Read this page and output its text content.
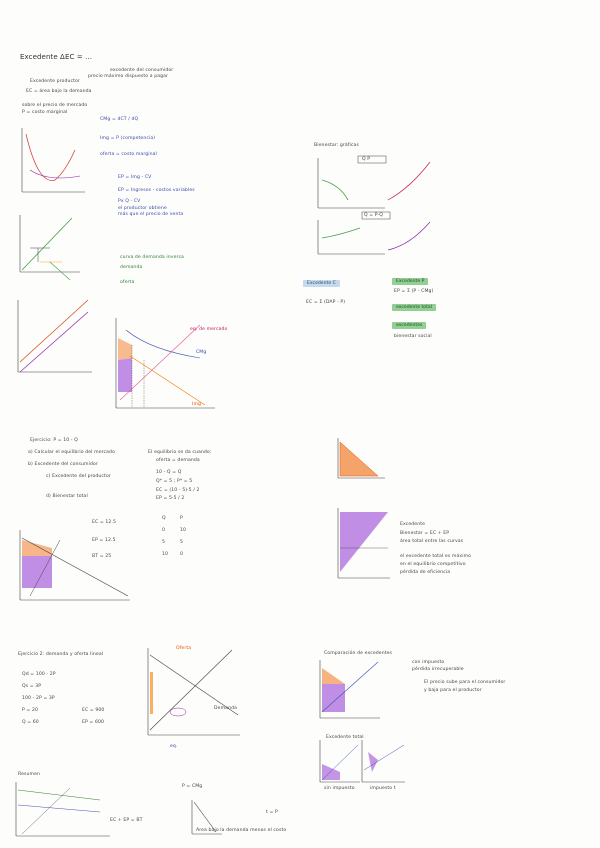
Excedente ΔEC = ...
excedente del consumidor
precio máximo dispuesto a pagar
Excedente productor
EC = área bajo la demanda
sobre el precio de mercado
P = costo marginal
CMg = dCT / dQ
Img = P (competencia)
oferta = costo marginal
EP = Img - CV
EP = Ingresos - costos variables
Px Q - CV
el productor obtiene
más que el precio de venta
curva de demanda inversa
demanda
oferta
eq. de mercado
CMg
Img
Bienestar: gráficas
Q P
Q = P·Q
Excedente C
EC = Σ (DAP - P)
Excedente P
EP = Σ (P - CMg)
excedente total
excedentes
bienestar social
Ejercicio: P = 10 - Q
a) Calcular el equilibrio del mercado
b) Excedente del consumidor
c) Excedente del productor
d) Bienestar total
El equilibrio se da cuando:
oferta = demanda
10 - Q = Q
Q* = 5 ; P* = 5
EC = (10 - 5)·5 / 2
EP = 5·5 / 2
EC = 12.5
EP = 12.5
BT = 25
Q	P
0	10
5	5
10	0
Ejercicio 2: demanda y oferta lineal
Qd = 100 - 2P
Qs = 3P
100 - 2P = 3P
P = 20
Q = 60
EC = 900
EP = 600
Oferta
Demanda
eq.
Excedente
Bienestar = EC + EP
área total entre las curvas
el excedente total es máximo
en el equilibrio competitivo
pérdida de eficiencia
Comparación de excedentes
con impuesto
pérdida irrecuperable
Excedente total
sin impuesto	impuesto t
El precio sube para el consumidor
y baja para el productor
Resumen
EC + EP = BT
P = CMg
t = P
Area bajo la demanda menos el costo
